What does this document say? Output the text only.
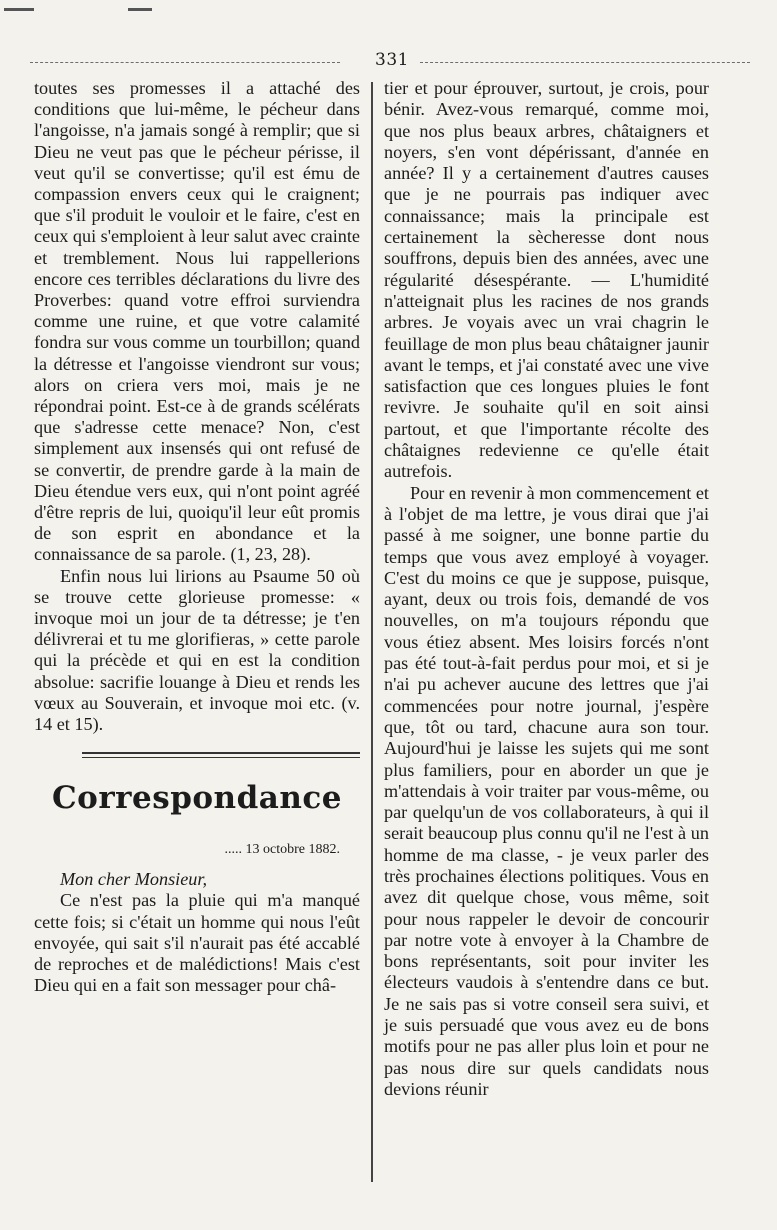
331

toutes ses promesses il a attaché des conditions que lui-même, le pécheur dans l'angoisse, n'a jamais songé à remplir; que si Dieu ne veut pas que le pécheur périsse, il veut qu'il se convertisse; qu'il est ému de compassion envers ceux qui le craignent; que s'il produit le vouloir et le faire, c'est en ceux qui s'emploient à leur salut avec crainte et tremblement. Nous lui rappellerions encore ces terribles déclarations du livre des Proverbes: quand votre effroi surviendra comme une ruine, et que votre calamité fondra sur vous comme un tourbillon; quand la détresse et l'angoisse viendront sur vous; alors on criera vers moi, mais je ne répondrai point. Est-ce à de grands scélérats que s'adresse cette menace? Non, c'est simplement aux insensés qui ont refusé de se convertir, de prendre garde à la main de Dieu étendue vers eux, qui n'ont point agréé d'être repris de lui, quoiqu'il leur eût promis de son esprit en abondance et la connaissance de sa parole. (1, 23, 28).

Enfin nous lui lirions au Psaume 50 où se trouve cette glorieuse promesse: « invoque moi un jour de ta détresse; je t'en délivrerai et tu me glorifieras, » cette parole qui la précède et qui en est la condition absolue: sacrifie louange à Dieu et rends les vœux au Souverain, et invoque moi etc. (v. 14 et 15).

Correspondance
..... 13 octobre 1882.
Mon cher Monsieur,

Ce n'est pas la pluie qui m'a manqué cette fois; si c'était un homme qui nous l'eût envoyée, qui sait s'il n'aurait pas été accablé de reproches et de malédictions! Mais c'est Dieu qui en a fait son messager pour châ-

tier et pour éprouver, surtout, je crois, pour bénir. Avez-vous remarqué, comme moi, que nos plus beaux arbres, châtaigners et noyers, s'en vont dépérissant, d'année en année? Il y a certainement d'autres causes que je ne pourrais pas indiquer avec connaissance; mais la principale est certainement la sècheresse dont nous souffrons, depuis bien des années, avec une régularité désespérante. — L'humidité n'atteignait plus les racines de nos grands arbres. Je voyais avec un vrai chagrin le feuillage de mon plus beau châtaigner jaunir avant le temps, et j'ai constaté avec une vive satisfaction que ces longues pluies le font revivre. Je souhaite qu'il en soit ainsi partout, et que l'importante récolte des châtaignes redevienne ce qu'elle était autrefois.

Pour en revenir à mon commencement et à l'objet de ma lettre, je vous dirai que j'ai passé à me soigner, une bonne partie du temps que vous avez employé à voyager. C'est du moins ce que je suppose, puisque, ayant, deux ou trois fois, demandé de vos nouvelles, on m'a toujours répondu que vous étiez absent. Mes loisirs forcés n'ont pas été tout-à-fait perdus pour moi, et si je n'ai pu achever aucune des lettres que j'ai commencées pour notre journal, j'espère que, tôt ou tard, chacune aura son tour. Aujourd'hui je laisse les sujets qui me sont plus familiers, pour en aborder un que je m'attendais à voir traiter par vous-même, ou par quelqu'un de vos collaborateurs, à qui il serait beaucoup plus connu qu'il ne l'est à un homme de ma classe, - je veux parler des très prochaines élections politiques. Vous en avez dit quelque chose, vous même, soit pour nous rappeler le devoir de concourir par notre vote à envoyer à la Chambre de bons représentants, soit pour inviter les électeurs vaudois à s'entendre dans ce but. Je ne sais pas si votre conseil sera suivi, et je suis persuadé que vous avez eu de bons motifs pour ne pas aller plus loin et pour ne pas nous dire sur quels candidats nous devions réunir
